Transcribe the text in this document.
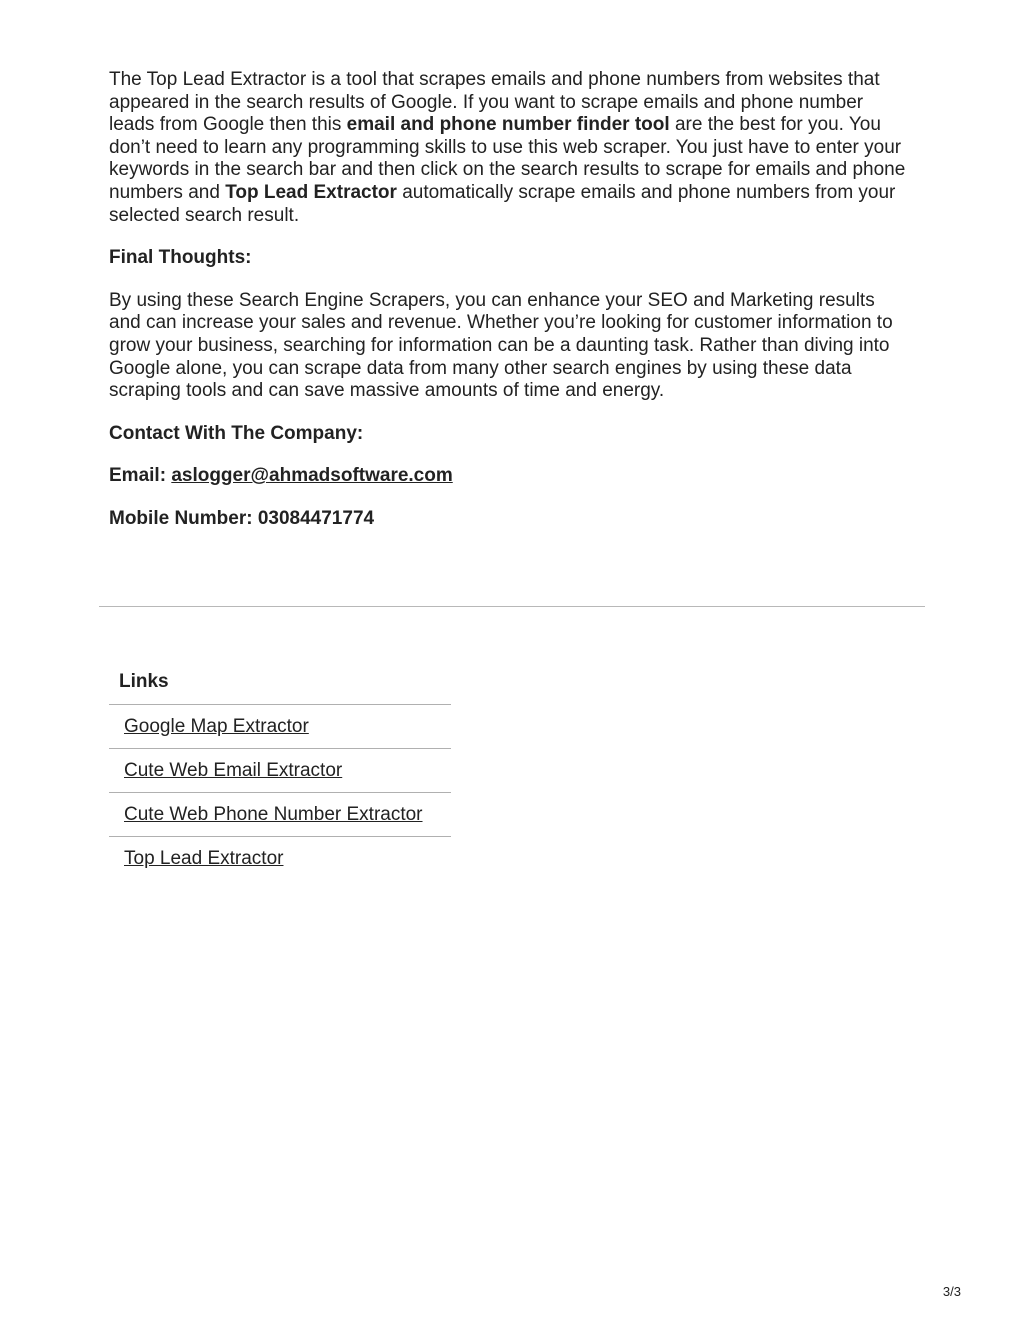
The Top Lead Extractor is a tool that scrapes emails and phone numbers from websites that appeared in the search results of Google. If you want to scrape emails and phone number leads from Google then this email and phone number finder tool are the best for you. You don’t need to learn any programming skills to use this web scraper. You just have to enter your keywords in the search bar and then click on the search results to scrape for emails and phone numbers and Top Lead Extractor automatically scrape emails and phone numbers from your selected search result.

Final Thoughts:

By using these Search Engine Scrapers, you can enhance your SEO and Marketing results and can increase your sales and revenue. Whether you’re looking for customer information to grow your business, searching for information can be a daunting task. Rather than diving into Google alone, you can scrape data from many other search engines by using these data scraping tools and can save massive amounts of time and energy.

Contact With The Company:

Email: aslogger@ahmadsoftware.com

Mobile Number: 03084471774

Links
Google Map Extractor
Cute Web Email Extractor
Cute Web Phone Number Extractor
Top Lead Extractor
3/3
